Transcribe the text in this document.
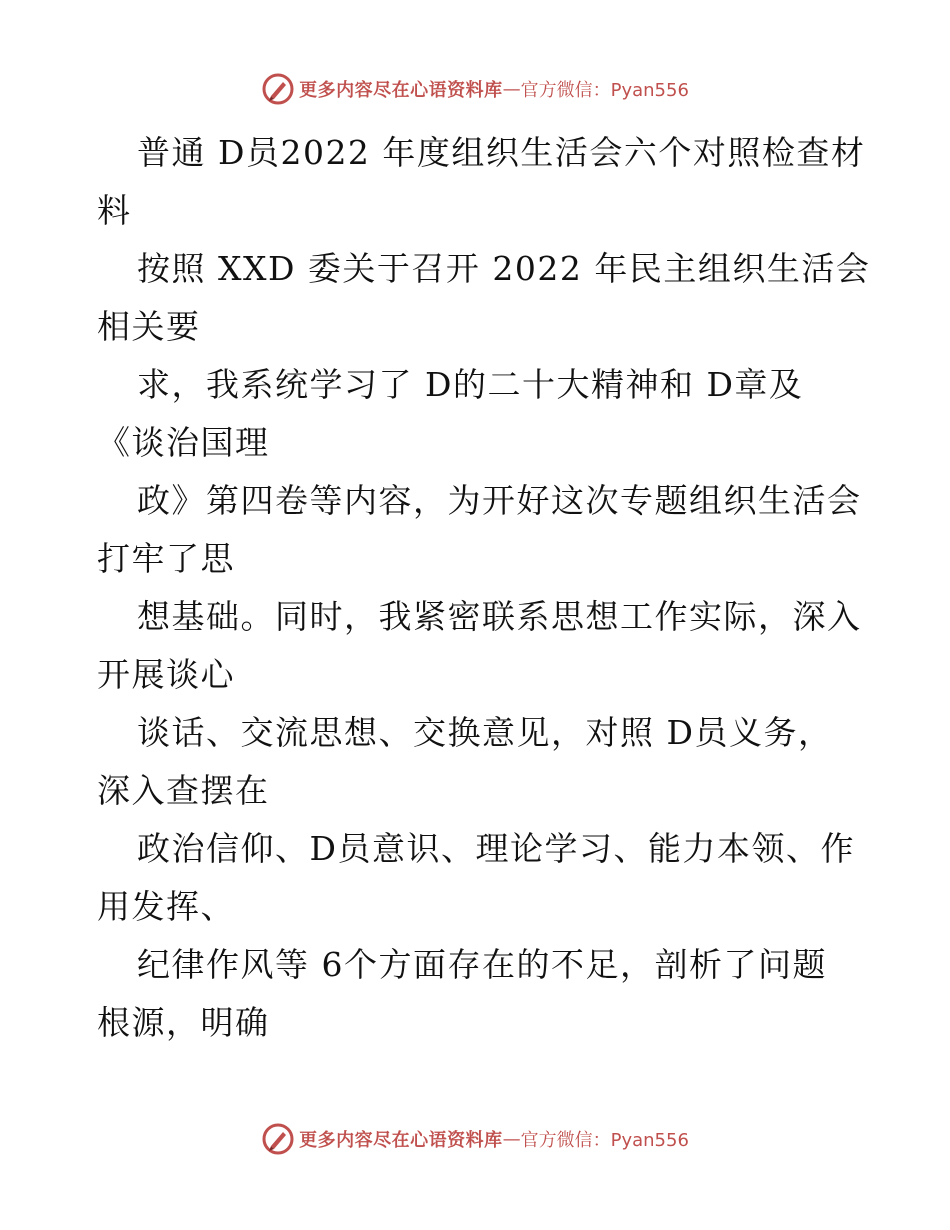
更多内容尽在心语资料库 — 官方微信：Pyan556
普通 D员2022 年度组织生活会六个对照检查材
料
按照 XXD 委关于召开 2022 年民主组织生活会
相关要
求，我系统学习了 D的二十大精神和 D章及
《谈治国理
政》第四卷等内容，为开好这次专题组织生活会
打牢了思
想基础。同时，我紧密联系思想工作实际，深入
开展谈心
谈话、交流思想、交换意见，对照 D员义务，
深入查摆在
政治信仰、D员意识、理论学习、能力本领、作
用发挥、
纪律作风等 6个方面存在的不足，剖析了问题
根源，明确
更多内容尽在心语资料库 — 官方微信：Pyan556
